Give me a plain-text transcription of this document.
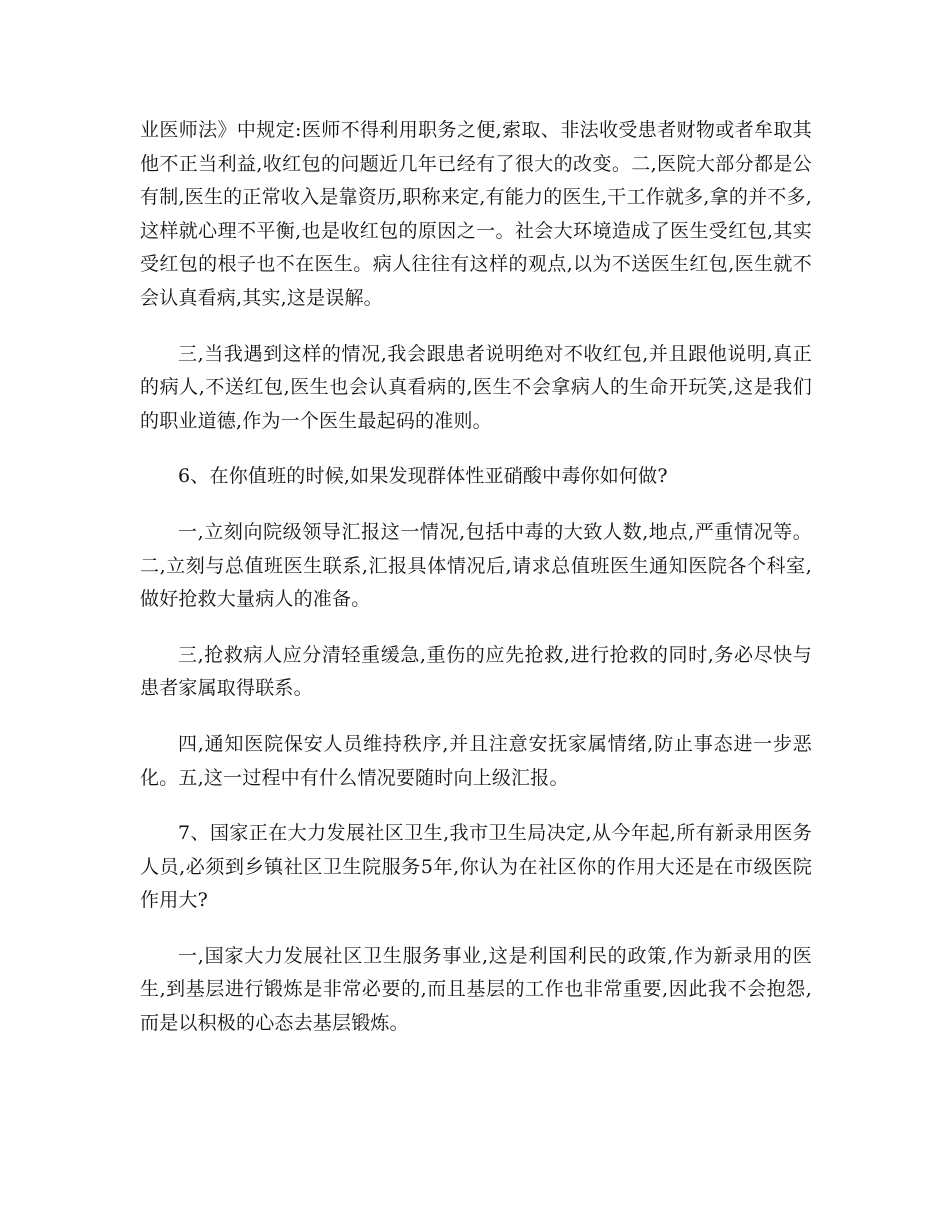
业医师法》中规定:医师不得利用职务之便,索取、非法收受患者财物或者牟取其他不正当利益,收红包的问题近几年已经有了很大的改变。二,医院大部分都是公有制,医生的正常收入是靠资历,职称来定,有能力的医生,干工作就多,拿的并不多,这样就心理不平衡,也是收红包的原因之一。社会大环境造成了医生受红包,其实受红包的根子也不在医生。病人往往有这样的观点,以为不送医生红包,医生就不会认真看病,其实,这是误解。

三,当我遇到这样的情况,我会跟患者说明绝对不收红包,并且跟他说明,真正的病人,不送红包,医生也会认真看病的,医生不会拿病人的生命开玩笑,这是我们的职业道德,作为一个医生最起码的准则。

6、在你值班的时候,如果发现群体性亚硝酸中毒你如何做?

一,立刻向院级领导汇报这一情况,包括中毒的大致人数,地点,严重情况等。二,立刻与总值班医生联系,汇报具体情况后,请求总值班医生通知医院各个科室,做好抢救大量病人的准备。

三,抢救病人应分清轻重缓急,重伤的应先抢救,进行抢救的同时,务必尽快与患者家属取得联系。

四,通知医院保安人员维持秩序,并且注意安抚家属情绪,防止事态进一步恶化。五,这一过程中有什么情况要随时向上级汇报。

7、国家正在大力发展社区卫生,我市卫生局决定,从今年起,所有新录用医务人员,必须到乡镇社区卫生院服务5年,你认为在社区你的作用大还是在市级医院作用大?

一,国家大力发展社区卫生服务事业,这是利国利民的政策,作为新录用的医生,到基层进行锻炼是非常必要的,而且基层的工作也非常重要,因此我不会抱怨,而是以积极的心态去基层锻炼。
